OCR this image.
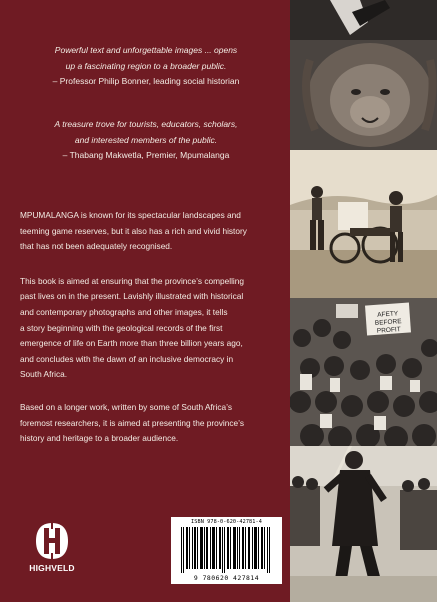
Powerful text and unforgettable images ... opens
up a fascinating region to a broader public.
– Professor Philip Bonner, leading social historian
A treasure trove for tourists, educators, scholars,
and interested members of the public.
– Thabang Makwetla, Premier, Mpumalanga

MPUMALANGA is known for its spectacular landscapes and
teeming game reserves, but it also has a rich and vivid history
that has not been adequately recognised.

This book is aimed at ensuring that the province’s compelling
past lives on in the present. Lavishly illustrated with historical
and contemporary photographs and other images, it tells
a story beginning with the geological records of the first
emergence of life on Earth more than three billion years ago,
and concludes with the dawn of an inclusive democracy in
South Africa.

Based on a longer work, written by some of South Africa’s
foremost researchers, it is aimed at presenting the province’s
history and heritage to a broader audience.

HIGHVELD
ISBN 978-0-620-42781-4
9 780620 427814
AFETY
BEFORE
PROFIT
